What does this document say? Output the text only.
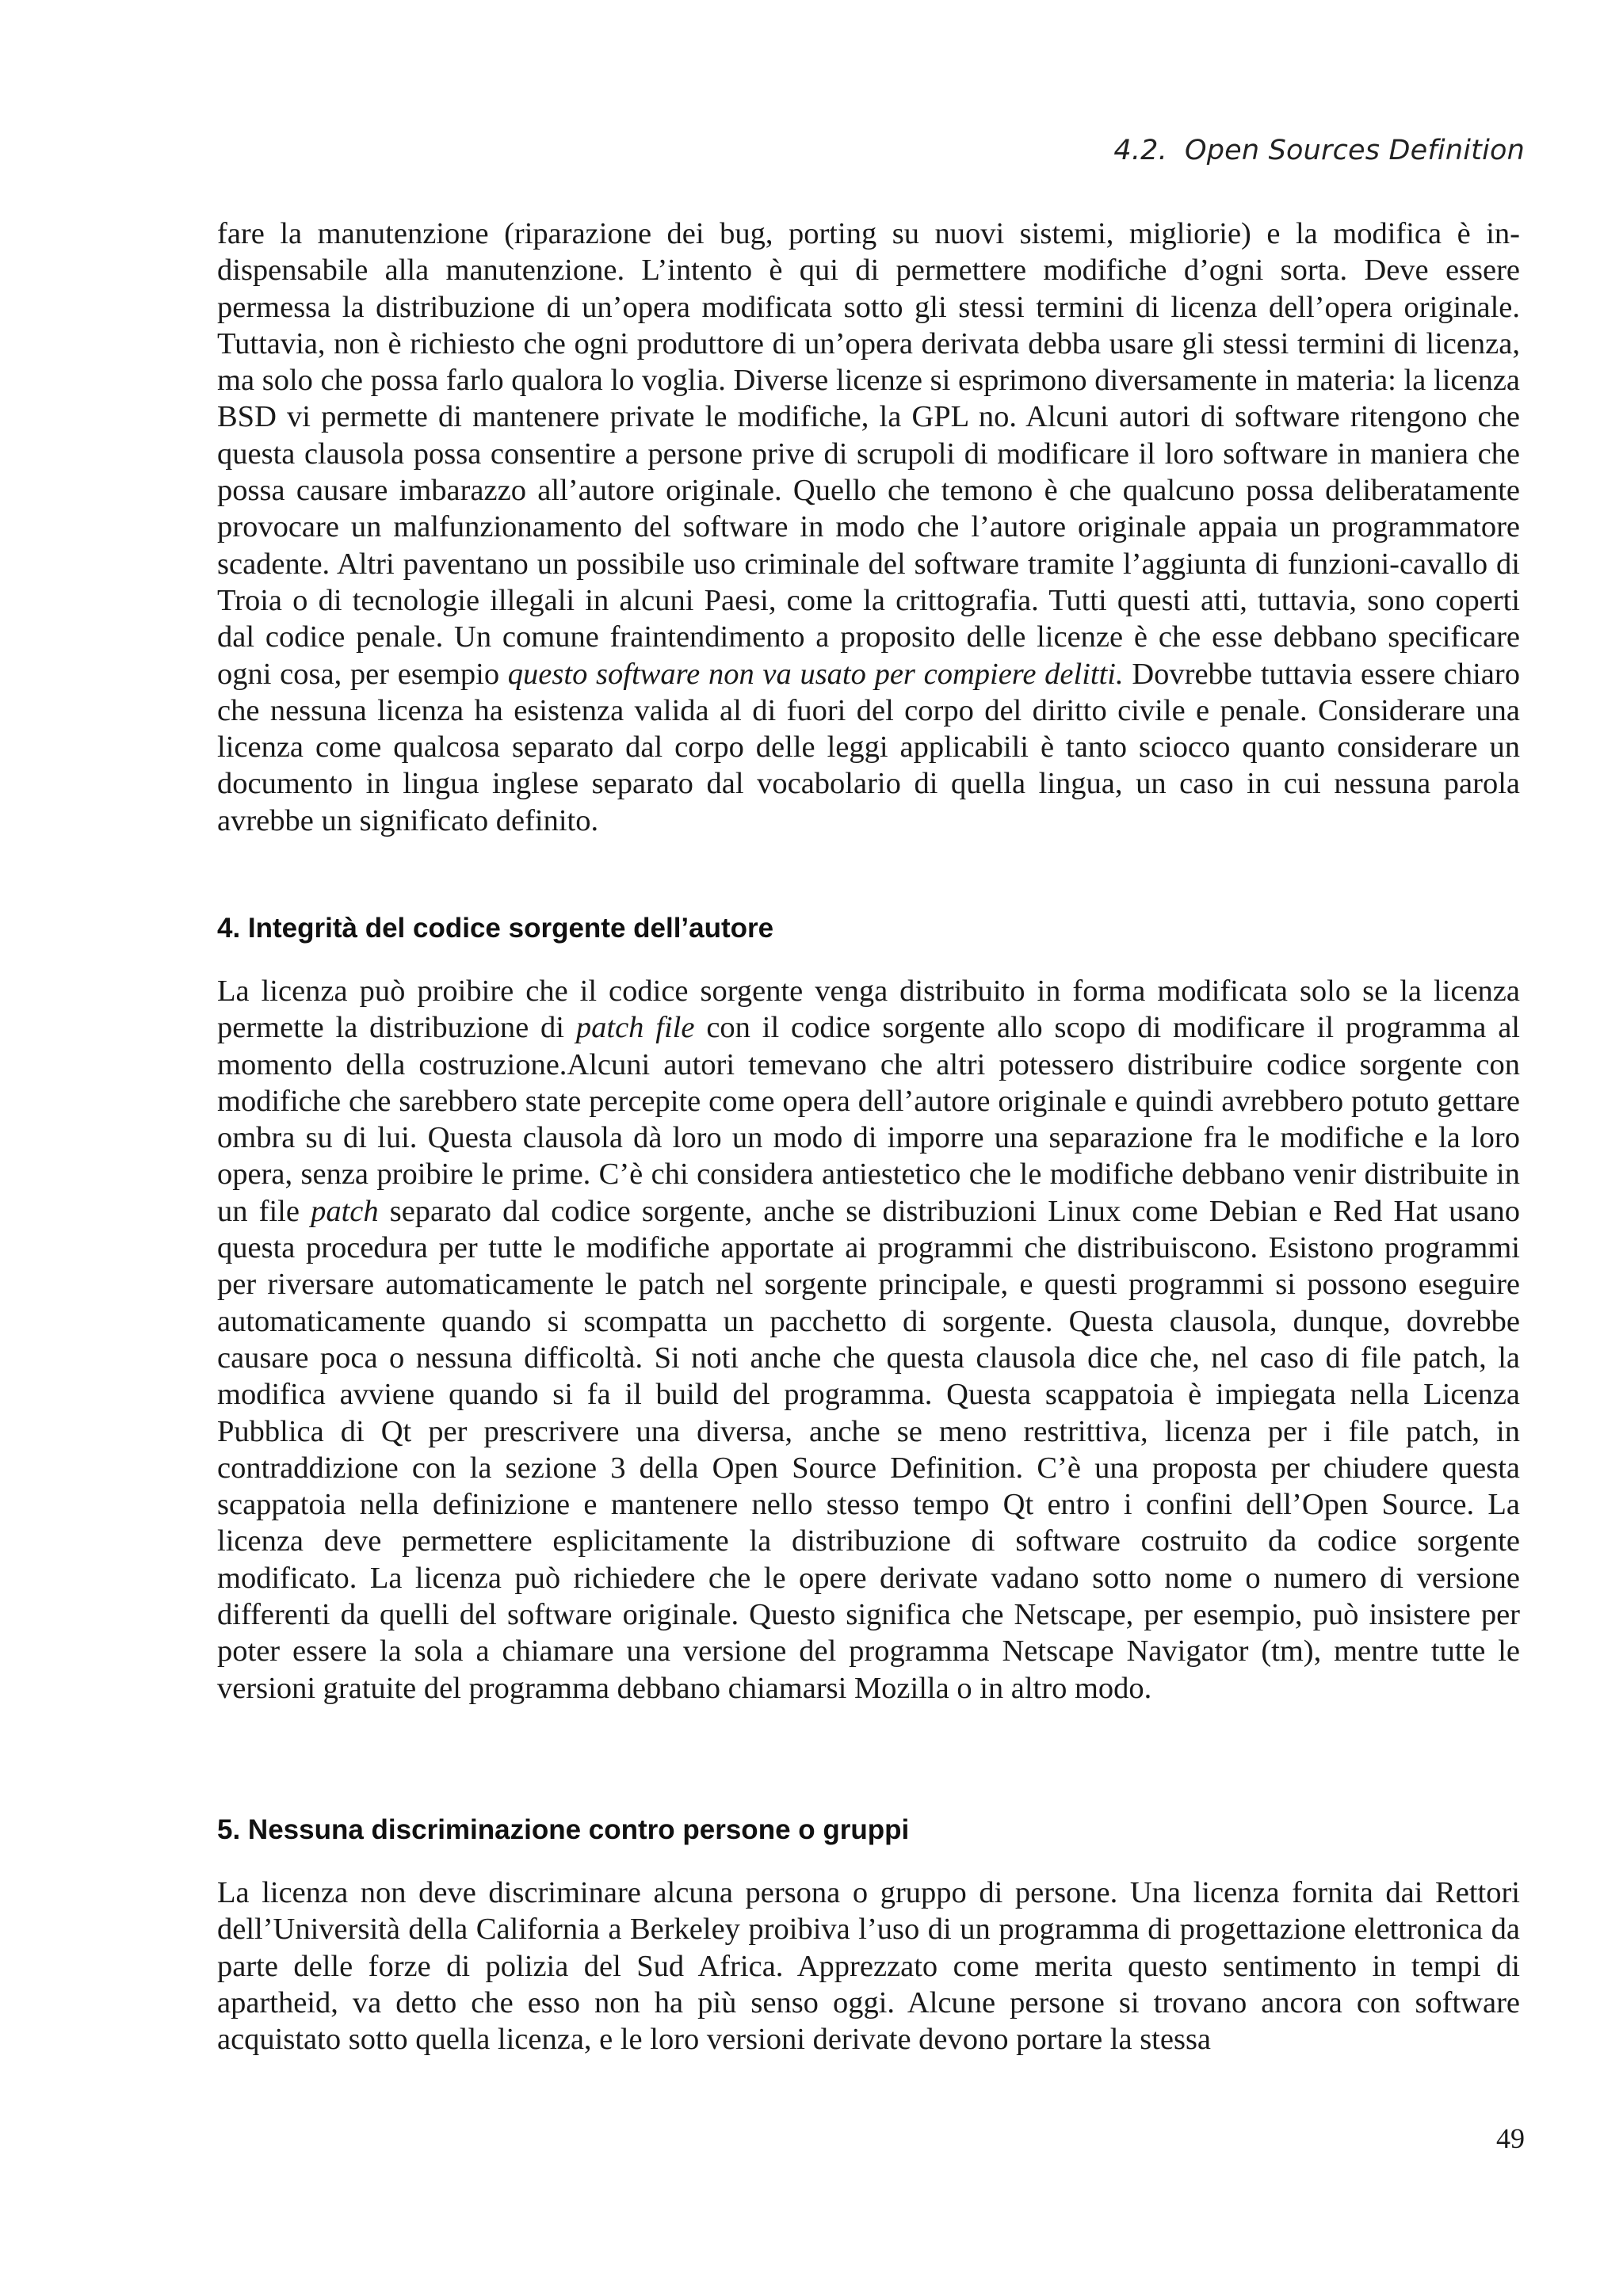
4.2. Open Sources Definition

fare la manutenzione (riparazione dei bug, porting su nuovi sistemi, migliorie) e la modifica è indispensabile alla manutenzione. L’intento è qui di permettere modifiche d’ogni sorta. Deve essere permessa la distribuzione di un’opera modificata sotto gli stessi termini di licenza dell’opera originale. Tuttavia, non è richiesto che ogni produttore di un’opera derivata debba usare gli stessi termini di licenza, ma solo che possa farlo qualora lo voglia. Diverse licenze si esprimono diversamente in materia: la licenza BSD vi permette di mantenere private le modifiche, la GPL no. Alcuni autori di software ritengono che questa clausola possa consentire a persone prive di scrupoli di modificare il loro software in maniera che possa causare imbarazzo all’autore originale. Quello che temono è che qualcuno possa deliberatamente provocare un malfunzionamento del software in modo che l’autore originale appaia un programmatore scadente. Altri paventano un possibile uso criminale del software tramite l’aggiunta di funzioni-cavallo di Troia o di tecnologie illegali in alcuni Paesi, come la crittografia. Tutti questi atti, tuttavia, sono coperti dal codice penale. Un comune fraintendimento a proposito delle licenze è che esse debbano specificare ogni cosa, per esempio questo software non va usato per compiere delitti. Dovrebbe tuttavia essere chiaro che nessuna licenza ha esistenza valida al di fuori del corpo del diritto civile e penale. Considerare una licenza come qualcosa separato dal corpo delle leggi applicabili è tanto sciocco quanto considerare un documento in lingua inglese separato dal vocabolario di quella lingua, un caso in cui nessuna parola avrebbe un significato definito.

4. Integrità del codice sorgente dell’autore

La licenza può proibire che il codice sorgente venga distribuito in forma modificata solo se la licenza permette la distribuzione di patch file con il codice sorgente allo scopo di modificare il programma al momento della costruzione.Alcuni autori temevano che altri potessero distribuire codice sorgente con modifiche che sarebbero state percepite come opera dell’autore originale e quindi avrebbero potuto gettare ombra su di lui. Questa clausola dà loro un modo di imporre una separazione fra le modifiche e la loro opera, senza proibire le prime. C’è chi considera antiestetico che le modifiche debbano venir distribuite in un file patch separato dal codice sorgente, anche se distribuzioni Linux come Debian e Red Hat usano questa procedura per tutte le modifiche apportate ai programmi che distribuiscono. Esistono programmi per riversare automaticamente le patch nel sorgente principale, e questi programmi si possono eseguire automaticamente quando si scompatta un pacchetto di sorgente. Questa clausola, dunque, dovrebbe causare poca o nessuna difficoltà. Si noti anche che questa clausola dice che, nel caso di file patch, la modifica avviene quando si fa il build del programma. Questa scappatoia è impiegata nella Licenza Pubblica di Qt per prescrivere una diversa, anche se meno restrittiva, licenza per i file patch, in contraddizione con la sezione 3 della Open Source Definition. C’è una proposta per chiudere questa scappatoia nella definizione e mantenere nello stesso tempo Qt entro i confini dell’Open Source. La licenza deve permettere esplicitamente la distribuzione di software costruito da codice sorgente modificato. La licenza può richiedere che le opere derivate vadano sotto nome o numero di versione differenti da quelli del software originale. Questo significa che Netscape, per esempio, può insistere per poter essere la sola a chiamare una versione del programma Netscape Navigator (tm), mentre tutte le versioni gratuite del programma debbano chiamarsi Mozilla o in altro modo.

5. Nessuna discriminazione contro persone o gruppi

La licenza non deve discriminare alcuna persona o gruppo di persone. Una licenza fornita dai Rettori dell’Università della California a Berkeley proibiva l’uso di un programma di progettazione elettronica da parte delle forze di polizia del Sud Africa. Apprezzato come merita questo sentimento in tempi di apartheid, va detto che esso non ha più senso oggi. Alcune persone si trovano ancora con software acquistato sotto quella licenza, e le loro versioni derivate devono portare la stessa

49
